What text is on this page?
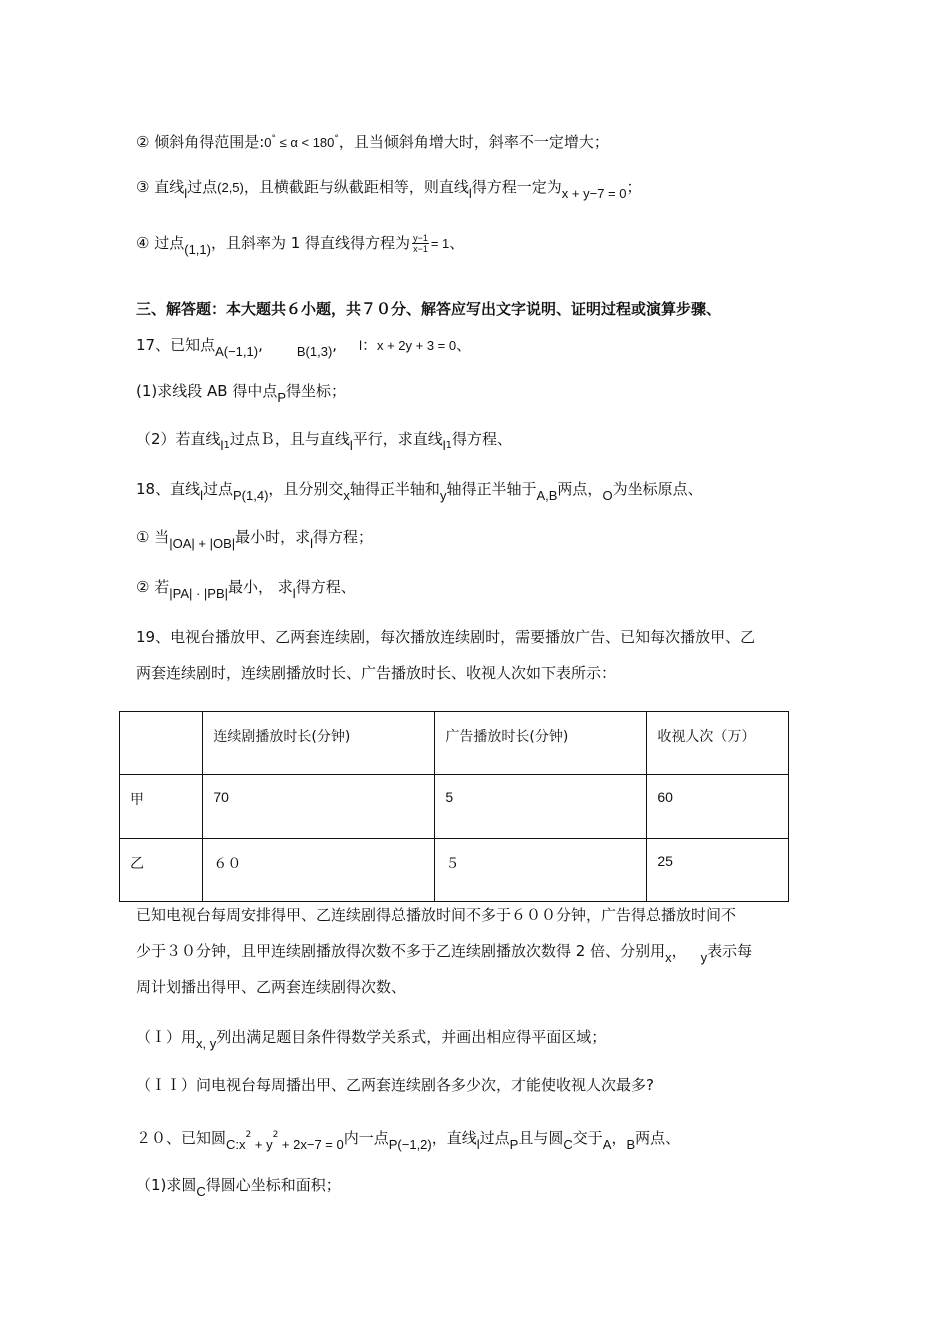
② 倾斜角得范围是:0° ≤ α < 180°，且当倾斜角增大时，斜率不一定增大；
③ 直线l过点(2,5)，且横截距与纵截距相等，则直线l得方程一定为x + y−7 = 0；
④ 过点(1,1)，且斜率为 1 得直线得方程为 $\frac{y-1}{x-1} = 1$、
三、解答题：本大题共６小题，共７０分、解答应写出文字说明、证明过程或演算步骤、
17、已知点A(−1,1),	B(1,3), l：x + 2y + 3 = 0、
(1)求线段 AB 得中点P得坐标；
（2）若直线$l_1$过点Ｂ，且与直线l平行，求直线$l_1$得方程、
18、直线l过点P(1,4)，且分别交x轴得正半轴和y轴得正半轴于A,B两点，O为坐标原点、
① 当|OA| + |OB|最小时，求l得方程；
② 若|PA| · |PB|最小， 求l得方程、
19、电视台播放甲、乙两套连续剧，每次播放连续剧时，需要播放广告、已知每次播放甲、乙
两套连续剧时，连续剧播放时长、广告播放时长、收视人次如下表所示：
	连续剧播放时长(分钟)	广告播放时长(分钟)	收视人次（万）
甲	70	5	60
乙	６０	５	25
已知电视台每周安排得甲、乙连续剧得总播放时间不多于６００分钟，广告得总播放时间不
少于３０分钟，且甲连续剧播放得次数不多于乙连续剧播放次数得 2 倍、分别用x， y表示每
周计划播出得甲、乙两套连续剧得次数、
（Ｉ）用x, y列出满足题目条件得数学关系式，并画出相应得平面区域；
（ＩＩ）问电视台每周播出甲、乙两套连续剧各多少次，才能使收视人次最多?
２０、已知圆$C:x^2 + y^2 + 2x-7 = 0$内一点P(−1,2)，直线l过点P且与圆C交于A，B两点、
（1)求圆C得圆心坐标和面积；
